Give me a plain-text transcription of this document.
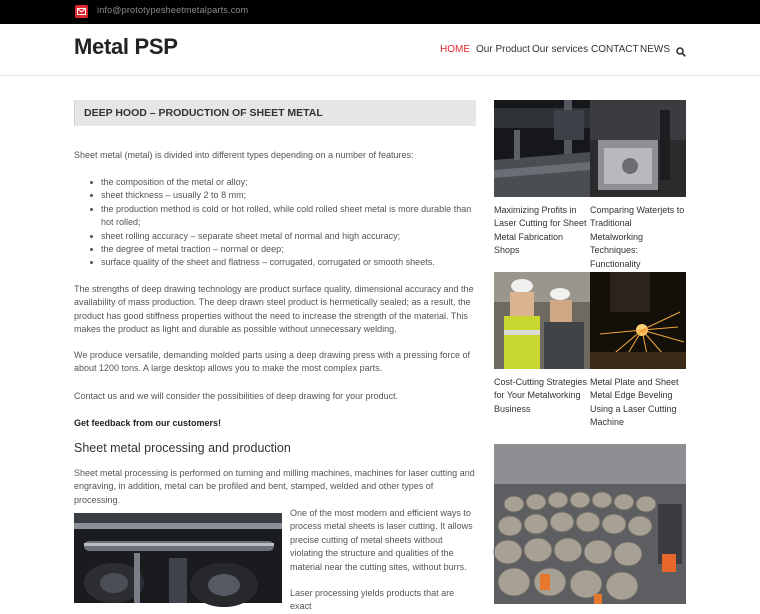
info@prototypesheetmetalparts.com
Metal PSP	HOME Our Product Our services CONTACT NEWS
DEEP HOOD – PRODUCTION OF SHEET METAL

Sheet metal (metal) is divided into different types depending on a number of features:

the composition of the metal or alloy;
sheet thickness – usually 2 to 8 mm;
the production method is cold or hot rolled, while cold rolled sheet metal is more durable than hot rolled;
sheet rolling accuracy – separate sheet metal of normal and high accuracy;
the degree of metal traction – normal or deep;
surface quality of the sheet and flatness – corrugated, corrugated or smooth sheets.

The strengths of deep drawing technology are product surface quality, dimensional accuracy and the availability of mass production. The deep drawn steel product is hermetically sealed; as a result, the product has good stiffness properties without the need to increase the strength of the material. This makes the product as light and durable as possible without unnecessary welding.

We produce versatile, demanding molded parts using a deep drawing press with a pressing force of about 1200 tons. A large desktop allows you to make the most complex parts.

Contact us and we will consider the possibilities of deep drawing for your product.

Get feedback from our customers!

Sheet metal processing and production

Sheet metal processing is performed on turning and milling machines, machines for laser cutting and engraving, in addition, metal can be profiled and bent, stamped, welded and other types of processing.

One of the most modern and efficient ways to process metal sheets is laser cutting. It allows precise cutting of metal sheets without violating the structure and qualities of the material near the cutting sites, without burrs.

Laser processing yields products that are exact

Maximizing Profits in Laser Cutting for Sheet Metal Fabrication Shops
Comparing Waterjets to Traditional Metalworking Techniques: Functionality
Cost-Cutting Strategies for Your Metalworking Business
Metal Plate and Sheet Metal Edge Beveling Using a Laser Cutting Machine
